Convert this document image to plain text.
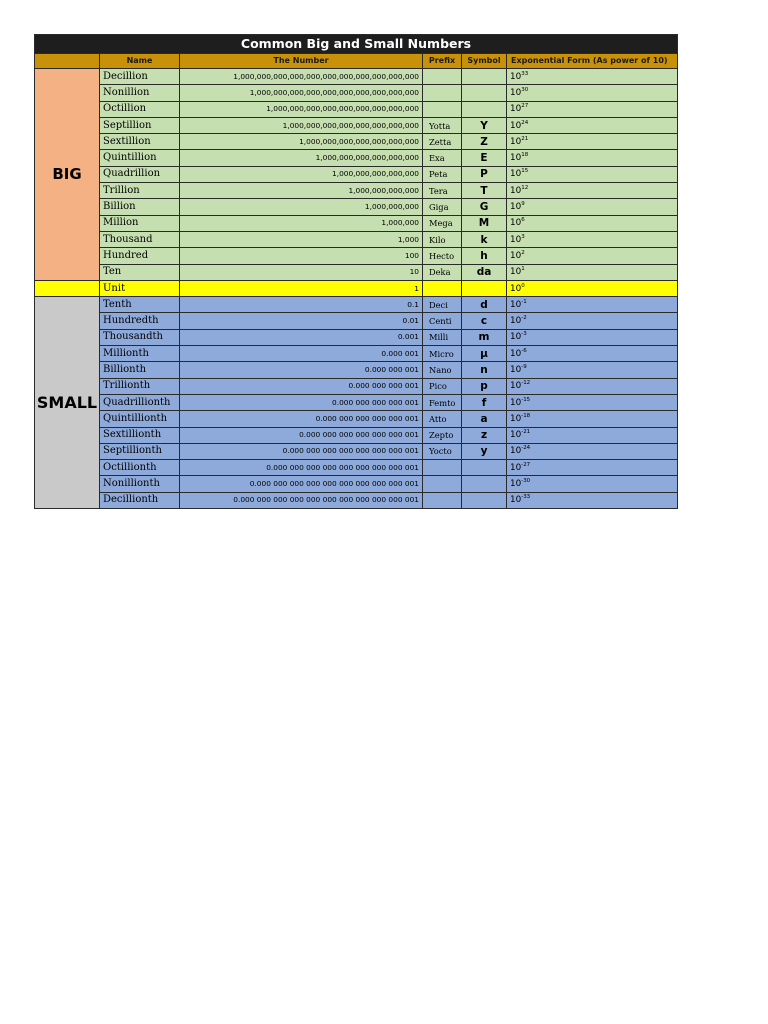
Common Big and Small Numbers					
	Name	The Number	Prefix	Symbol	Exponential Form (As power of 10)
BIG	Decillion	1,000,000,000,000,000,000,000,000,000,000,000			$10^{33}$
	Nonillion	1,000,000,000,000,000,000,000,000,000,000			$10^{30}$
	Octillion	1,000,000,000,000,000,000,000,000,000			$10^{27}$
	Septillion	1,000,000,000,000,000,000,000,000	Yotta	Y	$10^{24}$
	Sextillion	1,000,000,000,000,000,000,000	Zetta	Z	$10^{21}$
	Quintillion	1,000,000,000,000,000,000	Exa	E	$10^{18}$
	Quadrillion	1,000,000,000,000,000	Peta	P	$10^{15}$
	Trillion	1,000,000,000,000	Tera	T	$10^{12}$
	Billion	1,000,000,000	Giga	G	$10^9$
	Million	1,000,000	Mega	M	$10^6$
	Thousand	1,000	Kilo	k	$10^3$
	Hundred	100	Hecto	h	$10^2$
	Ten	10	Deka	da	$10^1$
	Unit	1			$10^0$
SMALL	Tenth	0.1	Deci	d	$10^{-1}$
	Hundredth	0.01	Centi	c	$10^{-2}$
	Thousandth	0.001	Milli	m	$10^{-3}$
	Millionth	0.000 001	Micro	µ	$10^{-6}$
	Billionth	0.000 000 001	Nano	n	$10^{-9}$
	Trillionth	0.000 000 000 001	Pico	p	$10^{-12}$
	Quadrillionth	0.000 000 000 000 001	Femto	f	$10^{-15}$
	Quintillionth	0.000 000 000 000 000 001	Atto	a	$10^{-18}$
	Sextillionth	0.000 000 000 000 000 000 001	Zepto	z	$10^{-21}$
	Septillionth	0.000 000 000 000 000 000 000 001	Yocto	y	$10^{-24}$
	Octillionth	0.000 000 000 000 000 000 000 000 001			$10^{-27}$
	Nonillionth	0.000 000 000 000 000 000 000 000 000 001			$10^{-30}$
	Decillionth	0.000 000 000 000 000 000 000 000 000 000 001			$10^{-33}$
